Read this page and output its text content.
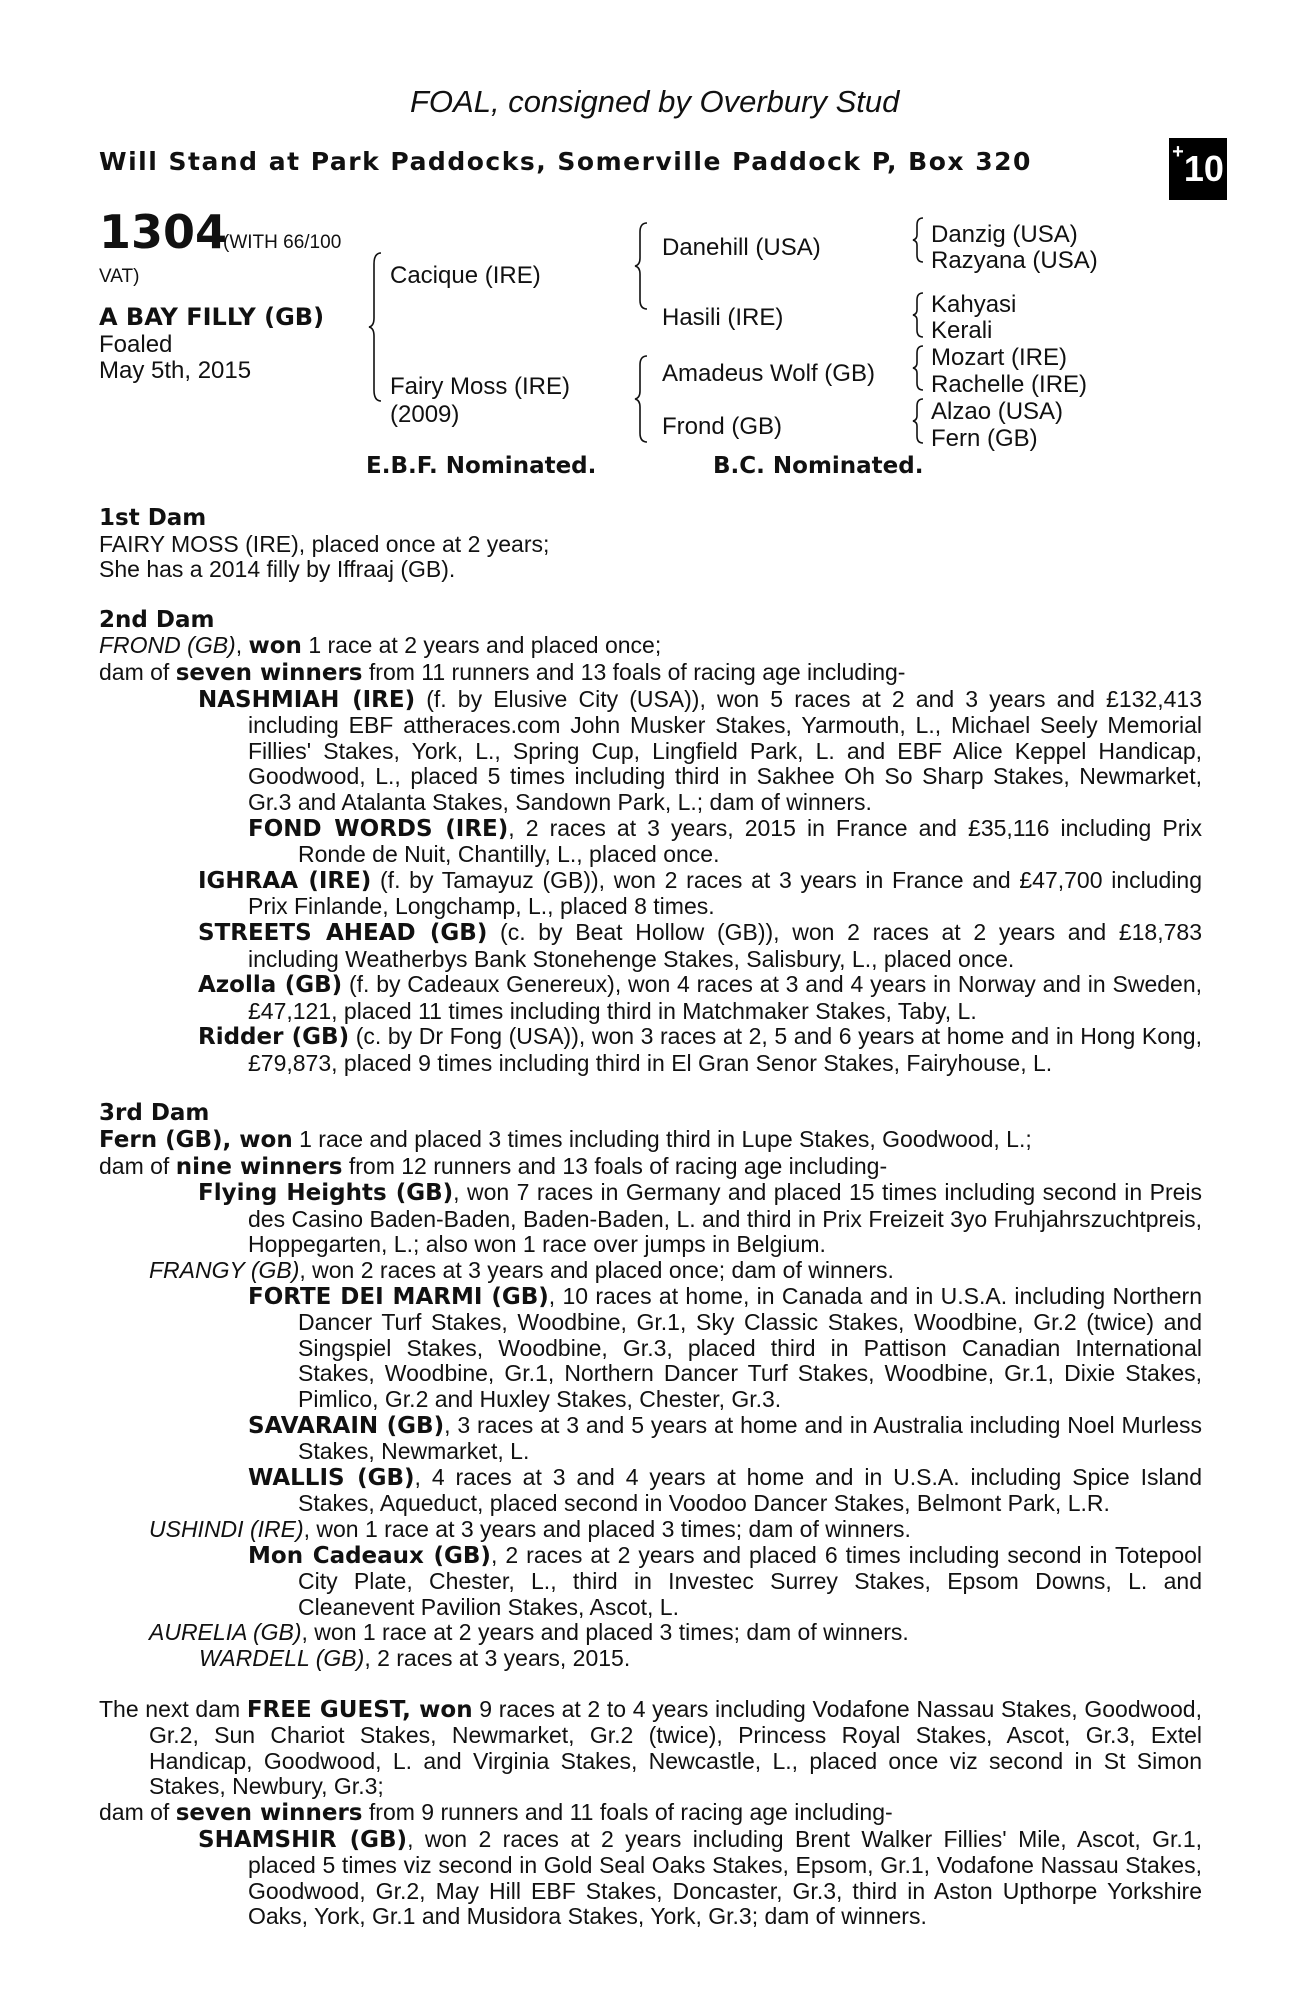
FOAL, consigned by Overbury Stud
Will Stand at Park Paddocks, Somerville Paddock P, Box 320	+10
1304
(WITH 66/100
VAT)
A BAY FILLY (GB)
Foaled
May 5th, 2015
Cacique (IRE)
Fairy Moss (IRE)
(2009)
Danehill (USA)
Hasili (IRE)
Amadeus Wolf (GB)
Frond (GB)
Danzig (USA)
Razyana (USA)
Kahyasi
Kerali
Mozart (IRE)
Rachelle (IRE)
Alzao (USA)
Fern (GB)
E.B.F. Nominated.	B.C. Nominated.

1st Dam

FAIRY MOSS (IRE), placed once at 2 years;

She has a 2014 filly by Iffraaj (GB).

2nd Dam

FROND (GB), won 1 race at 2 years and placed once;

dam of seven winners from 11 runners and 13 foals of racing age including-

NASHMIAH (IRE) (f. by Elusive City (USA)), won 5 races at 2 and 3 years and £132,413 including EBF attheraces.com John Musker Stakes, Yarmouth, L., Michael Seely Memorial Fillies' Stakes, York, L., Spring Cup, Lingfield Park, L. and EBF Alice Keppel Handicap, Goodwood, L., placed 5 times including third in Sakhee Oh So Sharp Stakes, Newmarket, Gr.3 and Atalanta Stakes, Sandown Park, L.; dam of winners.

FOND WORDS (IRE), 2 races at 3 years, 2015 in France and £35,116 including Prix Ronde de Nuit, Chantilly, L., placed once.

IGHRAA (IRE) (f. by Tamayuz (GB)), won 2 races at 3 years in France and £47,700 including Prix Finlande, Longchamp, L., placed 8 times.

STREETS AHEAD (GB) (c. by Beat Hollow (GB)), won 2 races at 2 years and £18,783 including Weatherbys Bank Stonehenge Stakes, Salisbury, L., placed once.

Azolla (GB) (f. by Cadeaux Genereux), won 4 races at 3 and 4 years in Norway and in Sweden, £47,121, placed 11 times including third in Matchmaker Stakes, Taby, L.

Ridder (GB) (c. by Dr Fong (USA)), won 3 races at 2, 5 and 6 years at home and in Hong Kong, £79,873, placed 9 times including third in El Gran Senor Stakes, Fairyhouse, L.

3rd Dam

Fern (GB), won 1 race and placed 3 times including third in Lupe Stakes, Goodwood, L.;

dam of nine winners from 12 runners and 13 foals of racing age including-

Flying Heights (GB), won 7 races in Germany and placed 15 times including second in Preis des Casino Baden-Baden, Baden-Baden, L. and third in Prix Freizeit 3yo Fruhjahrszuchtpreis, Hoppegarten, L.; also won 1 race over jumps in Belgium.

FRANGY (GB), won 2 races at 3 years and placed once; dam of winners.

FORTE DEI MARMI (GB), 10 races at home, in Canada and in U.S.A. including Northern Dancer Turf Stakes, Woodbine, Gr.1, Sky Classic Stakes, Woodbine, Gr.2 (twice) and Singspiel Stakes, Woodbine, Gr.3, placed third in Pattison Canadian International Stakes, Woodbine, Gr.1, Northern Dancer Turf Stakes, Woodbine, Gr.1, Dixie Stakes, Pimlico, Gr.2 and Huxley Stakes, Chester, Gr.3.

SAVARAIN (GB), 3 races at 3 and 5 years at home and in Australia including Noel Murless Stakes, Newmarket, L.

WALLIS (GB), 4 races at 3 and 4 years at home and in U.S.A. including Spice Island Stakes, Aqueduct, placed second in Voodoo Dancer Stakes, Belmont Park, L.R.

USHINDI (IRE), won 1 race at 3 years and placed 3 times; dam of winners.

Mon Cadeaux (GB), 2 races at 2 years and placed 6 times including second in Totepool City Plate, Chester, L., third in Investec Surrey Stakes, Epsom Downs, L. and Cleanevent Pavilion Stakes, Ascot, L.

AURELIA (GB), won 1 race at 2 years and placed 3 times; dam of winners.

WARDELL (GB), 2 races at 3 years, 2015.

The next dam FREE GUEST, won 9 races at 2 to 4 years including Vodafone Nassau Stakes, Goodwood, Gr.2, Sun Chariot Stakes, Newmarket, Gr.2 (twice), Princess Royal Stakes, Ascot, Gr.3, Extel Handicap, Goodwood, L. and Virginia Stakes, Newcastle, L., placed once viz second in St Simon Stakes, Newbury, Gr.3;

dam of seven winners from 9 runners and 11 foals of racing age including-

SHAMSHIR (GB), won 2 races at 2 years including Brent Walker Fillies' Mile, Ascot, Gr.1, placed 5 times viz second in Gold Seal Oaks Stakes, Epsom, Gr.1, Vodafone Nassau Stakes, Goodwood, Gr.2, May Hill EBF Stakes, Doncaster, Gr.3, third in Aston Upthorpe Yorkshire Oaks, York, Gr.1 and Musidora Stakes, York, Gr.3; dam of winners.
